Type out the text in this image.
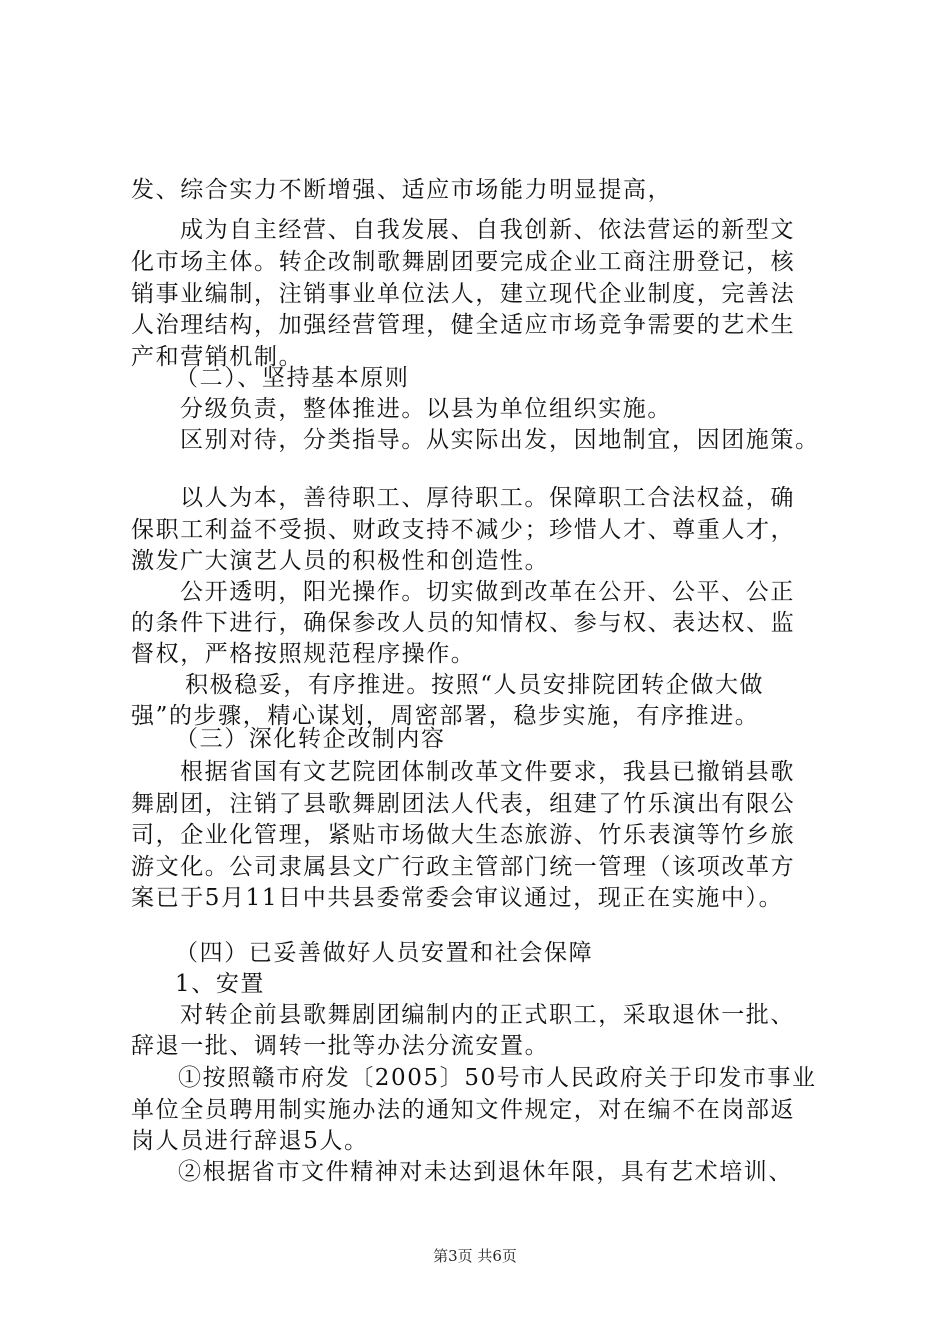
发、综合实力不断增强、适应市场能力明显提高，
成为自主经营、自我发展、自我创新、依法营运的新型文
化市场主体。转企改制歌舞剧团要完成企业工商注册登记，核
销事业编制，注销事业单位法人，建立现代企业制度，完善法
人治理结构，加强经营管理，健全适应市场竞争需要的艺术生
产和营销机制。
（二）、坚持基本原则
分级负责，整体推进。以县为单位组织实施。
区别对待，分类指导。从实际出发，因地制宜，因团施策。
以人为本，善待职工、厚待职工。保障职工合法权益，确
保职工利益不受损、财政支持不减少；珍惜人才、尊重人才，
激发广大演艺人员的积极性和创造性。
公开透明，阳光操作。切实做到改革在公开、公平、公正
的条件下进行，确保参改人员的知情权、参与权、表达权、监
督权，严格按照规范程序操作。
积极稳妥，有序推进。按照“人员安排院团转企做大做
强”的步骤，精心谋划，周密部署，稳步实施，有序推进。
（三）深化转企改制内容
根据省国有文艺院团体制改革文件要求，我县已撤销县歌
舞剧团，注销了县歌舞剧团法人代表，组建了竹乐演出有限公
司，企业化管理，紧贴市场做大生态旅游、竹乐表演等竹乡旅
游文化。公司隶属县文广行政主管部门统一管理（该项改革方
案已于5月11日中共县委常委会审议通过，现正在实施中）。
（四）已妥善做好人员安置和社会保障
1、安置
对转企前县歌舞剧团编制内的正式职工，采取退休一批、
辞退一批、调转一批等办法分流安置。
①按照赣市府发〔2005〕50号市人民政府关于印发市事业
单位全员聘用制实施办法的通知文件规定，对在编不在岗部返
岗人员进行辞退5人。
②根据省市文件精神对未达到退休年限，具有艺术培训、
第3页 共6页
